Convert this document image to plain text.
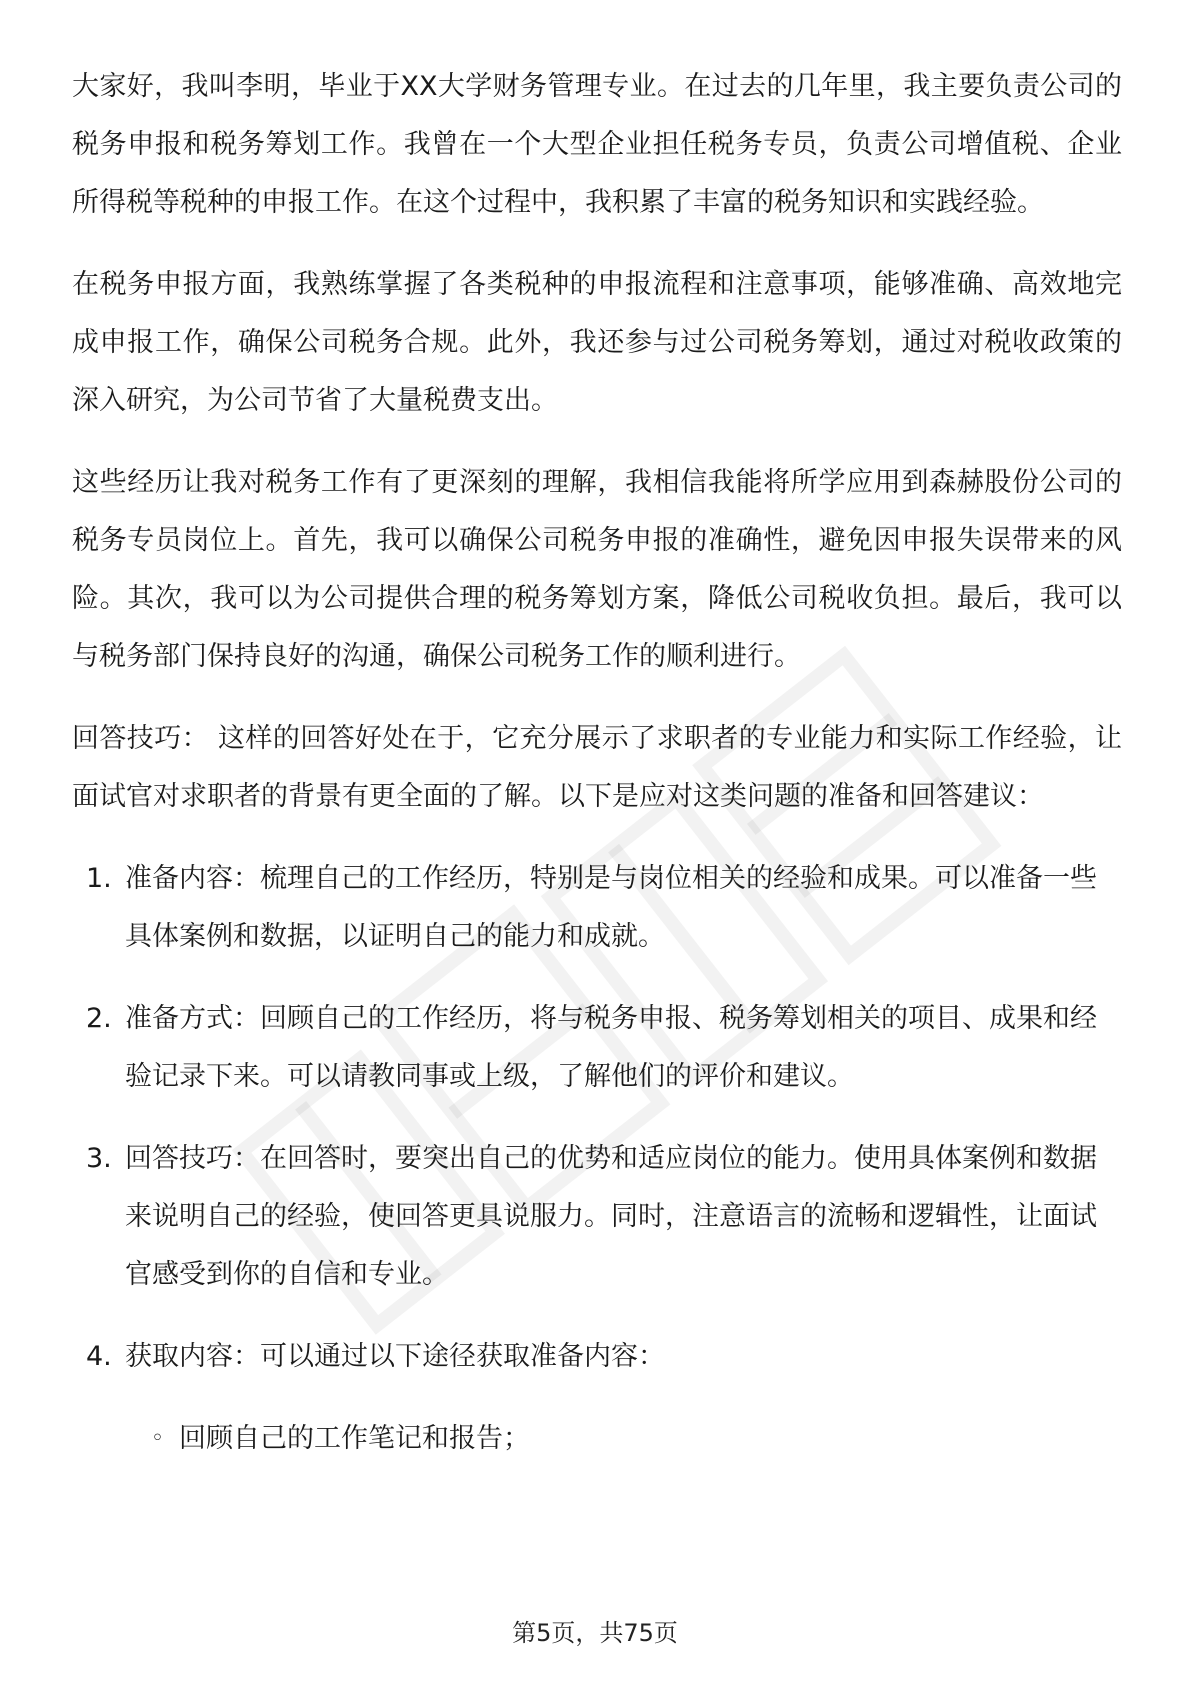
大家好，我叫李明，毕业于XX大学财务管理专业。在过去的几年里，我主要负责公司的税务申报和税务筹划工作。我曾在一个大型企业担任税务专员，负责公司增值税、企业所得税等税种的申报工作。在这个过程中，我积累了丰富的税务知识和实践经验。

在税务申报方面，我熟练掌握了各类税种的申报流程和注意事项，能够准确、高效地完成申报工作，确保公司税务合规。此外，我还参与过公司税务筹划，通过对税收政策的深入研究，为公司节省了大量税费支出。

这些经历让我对税务工作有了更深刻的理解，我相信我能将所学应用到森赫股份公司的税务专员岗位上。首先，我可以确保公司税务申报的准确性，避免因申报失误带来的风险。其次，我可以为公司提供合理的税务筹划方案，降低公司税收负担。最后，我可以与税务部门保持良好的沟通，确保公司税务工作的顺利进行。

回答技巧： 这样的回答好处在于，它充分展示了求职者的专业能力和实际工作经验，让面试官对求职者的背景有更全面的了解。以下是应对这类问题的准备和回答建议：

1. 准备内容：梳理自己的工作经历，特别是与岗位相关的经验和成果。可以准备一些具体案例和数据，以证明自己的能力和成就。
2. 准备方式：回顾自己的工作经历，将与税务申报、税务筹划相关的项目、成果和经验记录下来。可以请教同事或上级，了解他们的评价和建议。
3. 回答技巧：在回答时，要突出自己的优势和适应岗位的能力。使用具体案例和数据来说明自己的经验，使回答更具说服力。同时，注意语言的流畅和逻辑性，让面试官感受到你的自信和专业。
4. 获取内容：可以通过以下途径获取准备内容：
◦ 回顾自己的工作笔记和报告；
第5页，共75页
